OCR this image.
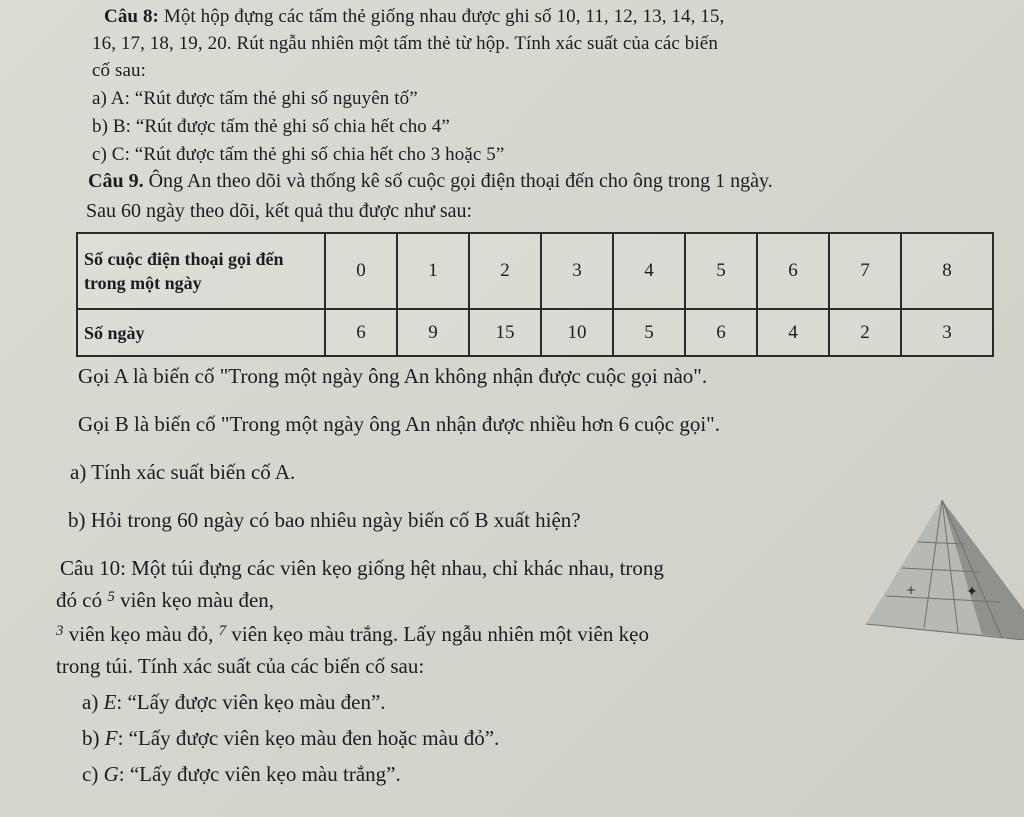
Câu 8: Một hộp đựng các tấm thẻ giống nhau được ghi số 10, 11, 12, 13, 14, 15,
16, 17, 18, 19, 20. Rút ngẫu nhiên một tấm thẻ từ hộp. Tính xác suất của các biến
cố sau:
a) A: “Rút được tấm thẻ ghi số nguyên tố”
b) B: “Rút được tấm thẻ ghi số chia hết cho 4”
c) C: “Rút được tấm thẻ ghi số chia hết cho 3 hoặc 5”
Câu 9. Ông An theo dõi và thống kê số cuộc gọi điện thoại đến cho ông trong 1 ngày.
Sau 60 ngày theo dõi, kết quả thu được như sau:
Số cuộc điện thoại gọi đến trong một ngày	0	1	2	3	4	5	6	7	8
Số ngày	6	9	15	10	5	6	4	2	3
Gọi A là biến cố "Trong một ngày ông An không nhận được cuộc gọi nào".
Gọi B là biến cố "Trong một ngày ông An nhận được nhiều hơn 6 cuộc gọi".
a) Tính xác suất biến cố A.
b) Hỏi trong 60 ngày có bao nhiêu ngày biến cố B xuất hiện?
Câu 10: Một túi đựng các viên kẹo giống hệt nhau, chỉ khác nhau, trong
đó có $^5$ viên kẹo màu đen,
$^3$ viên kẹo màu đỏ, $^7$ viên kẹo màu trắng. Lấy ngẫu nhiên một viên kẹo
trong túi. Tính xác suất của các biến cố sau:
a) E: “Lấy được viên kẹo màu đen”.
b) F: “Lấy được viên kẹo màu đen hoặc màu đỏ”.
c) G: “Lấy được viên kẹo màu trắng”.
+	✦
